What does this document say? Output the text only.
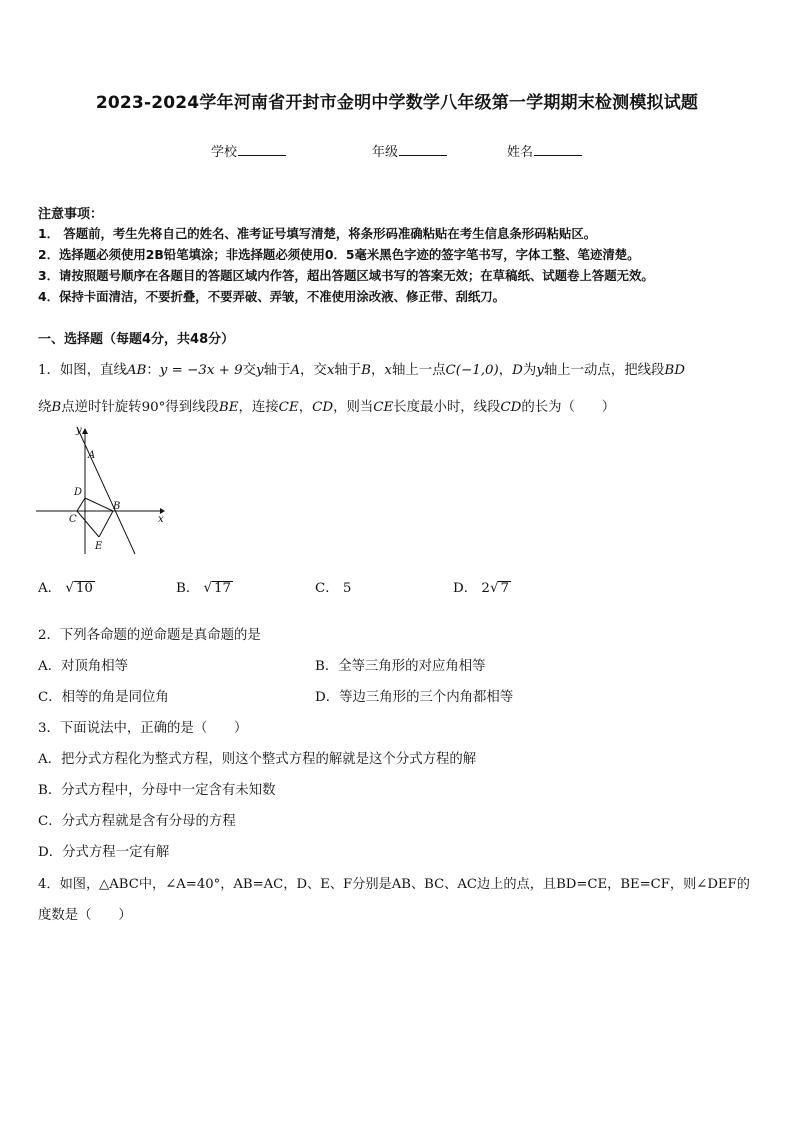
2023-2024学年河南省开封市金明中学数学八年级第一学期期末检测模拟试题
学校	年级	姓名
注意事项：
1． 答题前，考生先将自己的姓名、准考证号填写清楚，将条形码准确粘贴在考生信息条形码粘贴区。
2．选择题必须使用2B铅笔填涂；非选择题必须使用0．5毫米黑色字迹的签字笔书写，字体工整、笔迹清楚。
3．请按照题号顺序在各题目的答题区域内作答，超出答题区域书写的答案无效；在草稿纸、试题卷上答题无效。
4．保持卡面清洁，不要折叠，不要弄破、弄皱，不准使用涂改液、修正带、刮纸刀。
一、选择题（每题4分，共48分）
1．如图，直线AB：y = −3x + 9交y轴于A，交x轴于B，x轴上一点C(−1,0)，D为y轴上一动点，把线段BD
绕B点逆时针旋转90°得到线段BE，连接CE，CD，则当CE长度最小时，线段CD的长为（　　）
y
x
A
B
C
D
E
A． √ 10	B． √ 17	C． 5	D． 2√ 7
2．下列各命题的逆命题是真命题的是
A．对顶角相等	B．全等三角形的对应角相等
C．相等的角是同位角	D．等边三角形的三个内角都相等
3．下面说法中，正确的是（　　）
A．把分式方程化为整式方程，则这个整式方程的解就是这个分式方程的解
B．分式方程中，分母中一定含有未知数
C．分式方程就是含有分母的方程
D．分式方程一定有解
4．如图，△ABC中，∠A=40°，AB=AC，D、E、F分别是AB、BC、AC边上的点，且BD=CE，BE=CF，则∠DEF的
度数是（　　）
